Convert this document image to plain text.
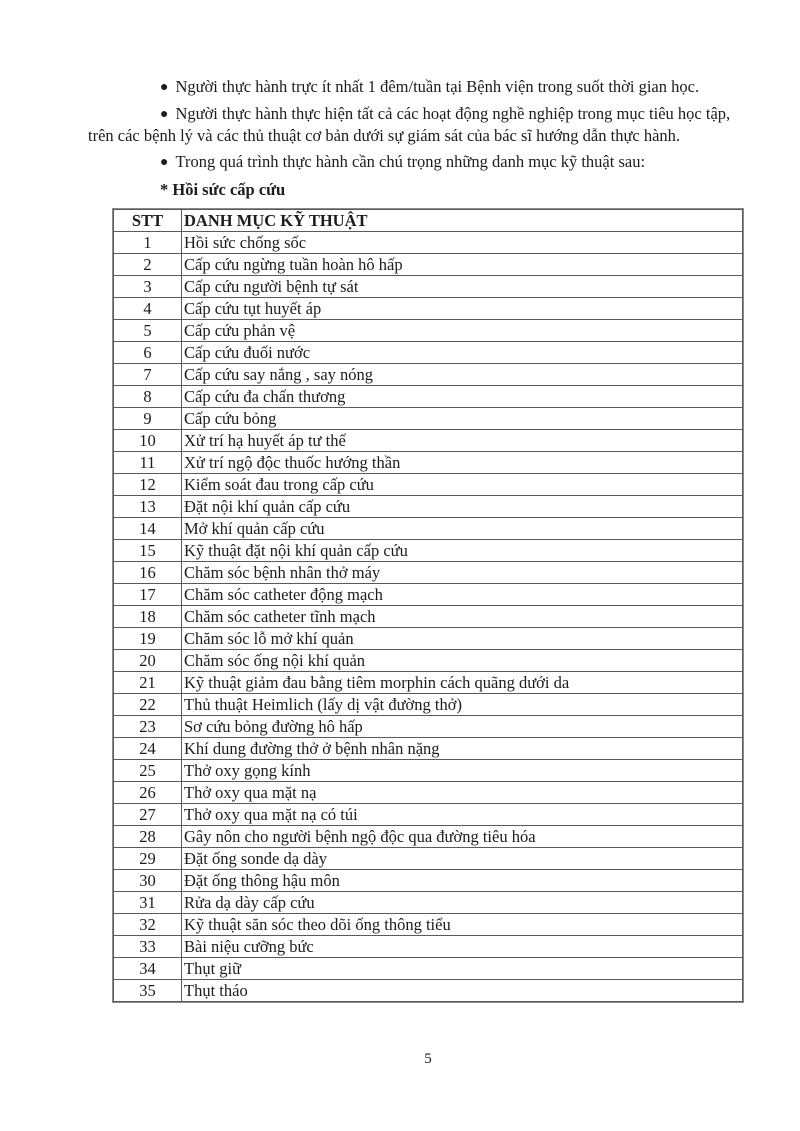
● Người thực hành trực ít nhất 1 đêm/tuần tại Bệnh viện trong suốt thời gian học.

● Người thực hành thực hiện tất cả các hoạt động nghề nghiệp trong mục tiêu học tập, trên các bệnh lý và các thủ thuật cơ bản dưới sự giám sát của bác sĩ hướng dẫn thực hành.

● Trong quá trình thực hành cần chú trọng những danh mục kỹ thuật sau:

* Hồi sức cấp cứu

STT	DANH MỤC KỸ THUẬT
1	Hồi sức chống sốc
2	Cấp cứu ngừng tuần hoàn hô hấp
3	Cấp cứu người bệnh tự sát
4	Cấp cứu tụt huyết áp
5	Cấp cứu phản vệ
6	Cấp cứu đuối nước
7	Cấp cứu say nắng , say nóng
8	Cấp cứu đa chấn thương
9	Cấp cứu bỏng
10	Xử trí hạ huyết áp tư thế
11	Xử trí ngộ độc thuốc hướng thần
12	Kiểm soát đau trong cấp cứu
13	Đặt nội khí quản cấp cứu
14	Mở khí quản cấp cứu
15	Kỹ thuật đặt nội khí quản cấp cứu
16	Chăm sóc bệnh nhân thở máy
17	Chăm sóc catheter động mạch
18	Chăm sóc catheter tĩnh mạch
19	Chăm sóc lỗ mở khí quản
20	Chăm sóc ống nội khí quản
21	Kỹ thuật giảm đau bằng tiêm morphin cách quãng dưới da
22	Thủ thuật Heimlich (lấy dị vật đường thở)
23	Sơ cứu bỏng đường hô hấp
24	Khí dung đường thở ở bệnh nhân nặng
25	Thở oxy gọng kính
26	Thở oxy qua mặt nạ
27	Thở oxy qua mặt nạ có túi
28	Gây nôn cho người bệnh ngộ độc qua đường tiêu hóa
29	Đặt ống sonde dạ dày
30	Đặt ống thông hậu môn
31	Rửa dạ dày cấp cứu
32	Kỹ thuật săn sóc theo dõi ống thông tiểu
33	Bài niệu cưỡng bức
34	Thụt giữ
35	Thụt tháo
5
